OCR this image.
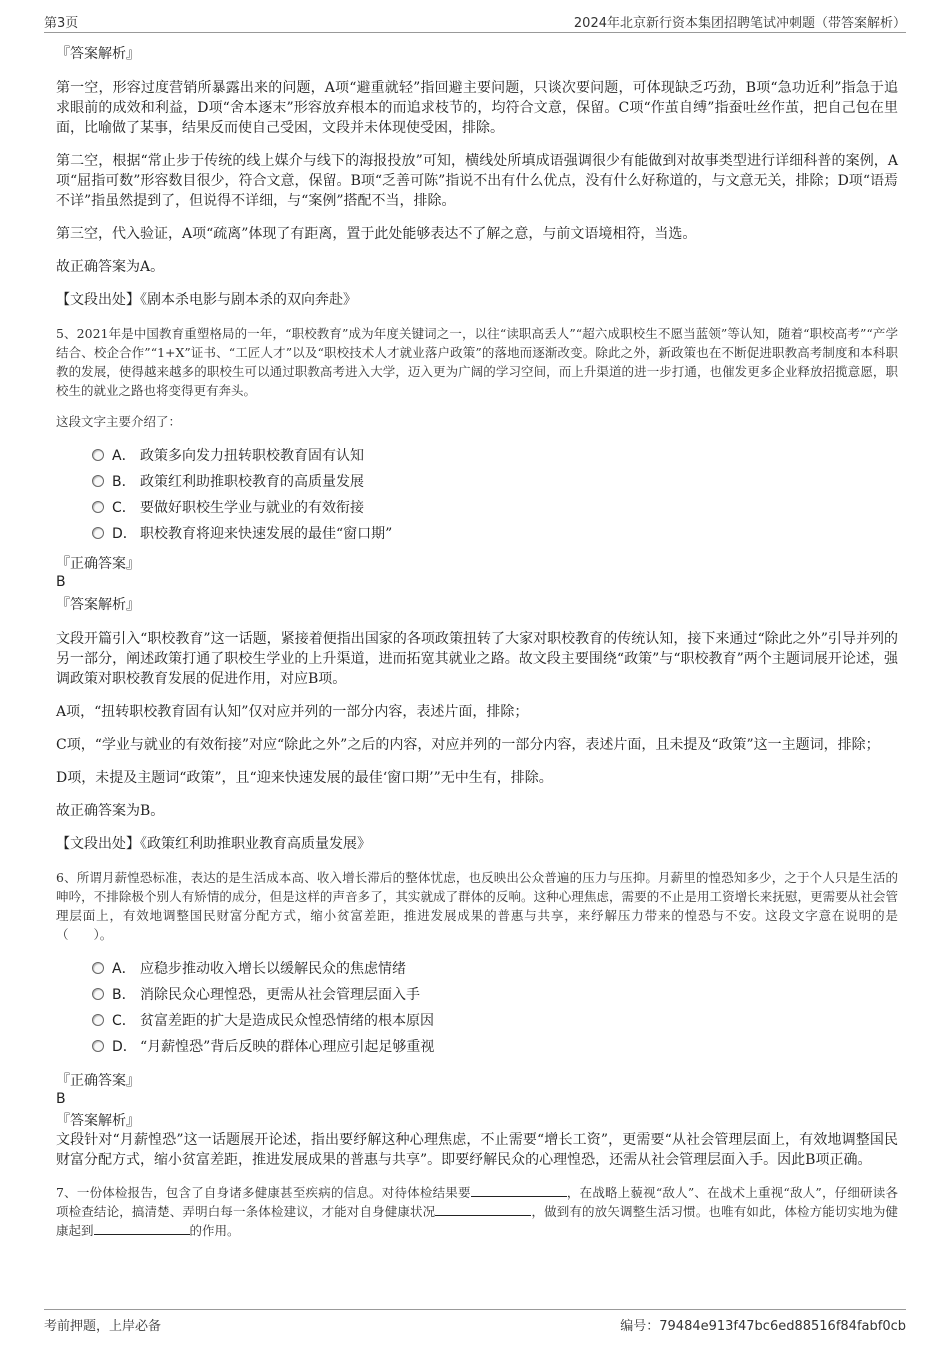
第3页	2024年北京新行资本集团招聘笔试冲刺题（带答案解析）
『答案解析』
第一空，形容过度营销所暴露出来的问题，A项“避重就轻”指回避主要问题，只谈次要问题，可体现缺乏巧劲，B项“急功近利”指急于追求眼前的成效和利益，D项“舍本逐末”形容放弃根本的而追求枝节的，均符合文意，保留。C项“作茧自缚”指蚕吐丝作茧，把自己包在里面，比喻做了某事，结果反而使自己受困，文段并未体现使受困，排除。
第二空，根据“常止步于传统的线上媒介与线下的海报投放”可知，横线处所填成语强调很少有能做到对故事类型进行详细科普的案例，A项“屈指可数”形容数目很少，符合文意，保留。B项“乏善可陈”指说不出有什么优点，没有什么好称道的，与文意无关，排除；D项“语焉不详”指虽然提到了，但说得不详细，与“案例”搭配不当，排除。
第三空，代入验证，A项“疏离”体现了有距离，置于此处能够表达不了解之意，与前文语境相符，当选。
故正确答案为A。
【文段出处】《剧本杀电影与剧本杀的双向奔赴》
5、2021年是中国教育重塑格局的一年，“职校教育”成为年度关键词之一，以往“读职高丢人”“超六成职校生不愿当蓝领”等认知，随着“职校高考”“产学结合、校企合作”“1+X”证书、“工匠人才”以及“职校技术人才就业落户政策”的落地而逐渐改变。除此之外，新政策也在不断促进职教高考制度和本科职教的发展，使得越来越多的职校生可以通过职教高考进入大学，迈入更为广阔的学习空间，而上升渠道的进一步打通，也催发更多企业释放招揽意愿，职校生的就业之路也将变得更有奔头。
这段文字主要介绍了：
A． 政策多向发力扭转职校教育固有认知
B． 政策红利助推职校教育的高质量发展
C． 要做好职校生学业与就业的有效衔接
D． 职校教育将迎来快速发展的最佳“窗口期”
『正确答案』
B
『答案解析』
文段开篇引入“职校教育”这一话题，紧接着便指出国家的各项政策扭转了大家对职校教育的传统认知，接下来通过“除此之外”引导并列的另一部分，阐述政策打通了职校生学业的上升渠道，进而拓宽其就业之路。故文段主要围绕“政策”与“职校教育”两个主题词展开论述，强调政策对职校教育发展的促进作用，对应B项。
A项，“扭转职校教育固有认知”仅对应并列的一部分内容，表述片面，排除；
C项，“学业与就业的有效衔接”对应“除此之外”之后的内容，对应并列的一部分内容，表述片面，且未提及“政策”这一主题词，排除；
D项，未提及主题词“政策”，且“迎来快速发展的最佳‘窗口期’”无中生有，排除。
故正确答案为B。
【文段出处】《政策红利助推职业教育高质量发展》
6、所谓月薪惶恐标准，表达的是生活成本高、收入增长滞后的整体忧虑，也反映出公众普遍的压力与压抑。月薪里的惶恐知多少，之于个人只是生活的呻吟，不排除极个别人有矫情的成分，但是这样的声音多了，其实就成了群体的反响。这种心理焦虑，需要的不止是用工资增长来抚慰，更需要从社会管理层面上，有效地调整国民财富分配方式，缩小贫富差距，推进发展成果的普惠与共享，来纾解压力带来的惶恐与不安。这段文字意在说明的是（　　）。
A． 应稳步推动收入增长以缓解民众的焦虑情绪
B． 消除民众心理惶恐，更需从社会管理层面入手
C． 贫富差距的扩大是造成民众惶恐情绪的根本原因
D． “月薪惶恐”背后反映的群体心理应引起足够重视
『正确答案』
B
『答案解析』
文段针对“月薪惶恐”这一话题展开论述，指出要纾解这种心理焦虑，不止需要“增长工资”，更需要“从社会管理层面上，有效地调整国民财富分配方式，缩小贫富差距，推进发展成果的普惠与共享”。即要纾解民众的心理惶恐，还需从社会管理层面入手。因此B项正确。
7、一份体检报告，包含了自身诸多健康甚至疾病的信息。对待体检结果要	，在战略上藐视“敌人”、在战术上重视“敌人”，仔细研读各项检查结论，搞清楚、弄明白每一条体检建议，才能对自身健康状况	，做到有的放矢调整生活习惯。也唯有如此，体检方能切实地为健康起到	的作用。
考前押题，上岸必备	编号：79484e913f47bc6ed88516f84fabf0cb
